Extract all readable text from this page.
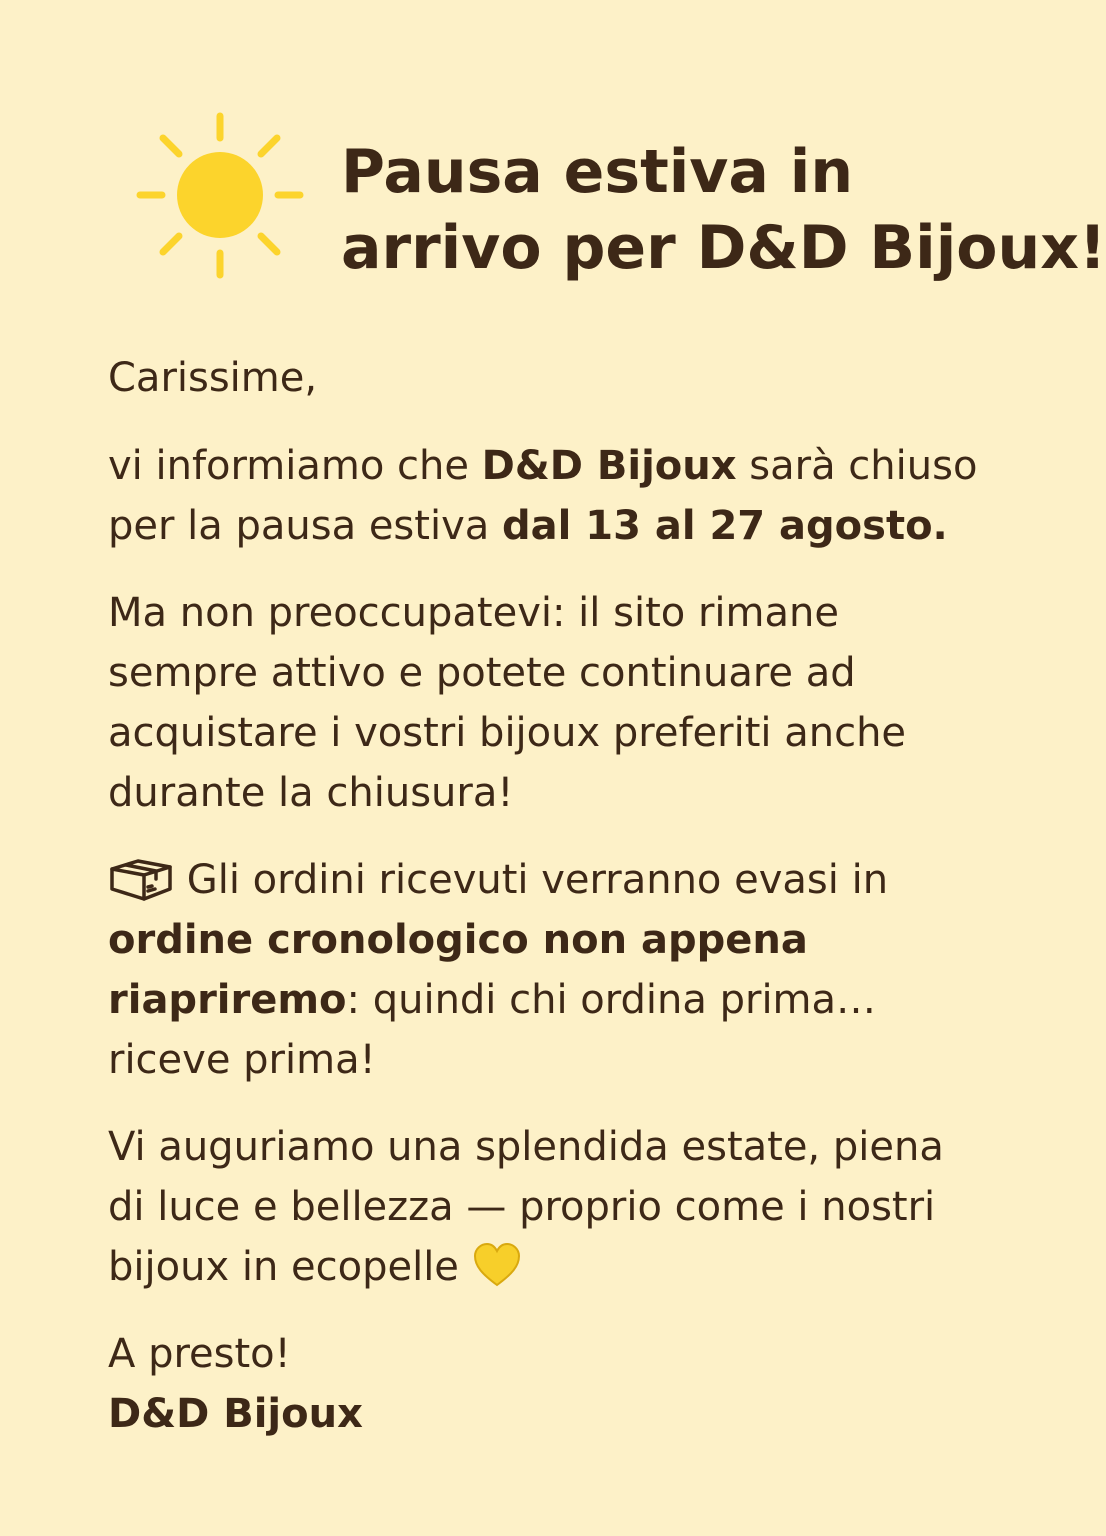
Pausa estiva in
arrivo per D&D Bijoux!

Carissime,

vi informiamo che D&D Bijoux sarà chiuso per la pausa estiva dal 13 al 27 agosto.

Ma non preoccupatevi: il sito rimane sempre attivo e potete continuare ad acquistare i vostri bijoux preferiti anche durante la chiusura!

Gli ordini ricevuti verranno evasi in ordine cronologico non appena riapriremo: quindi chi ordina prima… riceve prima!

Vi auguriamo una splendida estate, piena di luce e bellezza — proprio come i nostri bijoux in ecopelle

A presto!

D&D Bijoux
